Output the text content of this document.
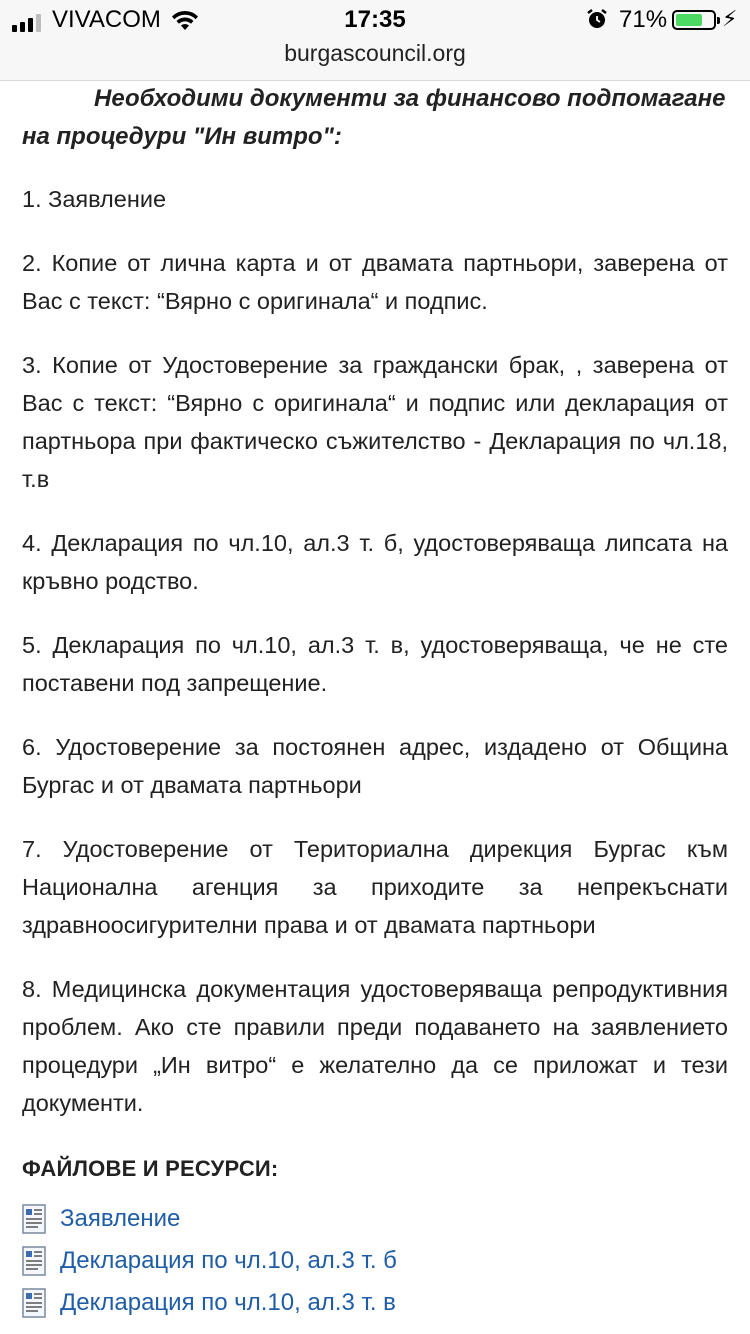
VIVACOM	17:35	71% ⚡︎
burgascouncil.org

Необходими документи за финансово подпомагане на процедури "Ин витро":

1. Заявление

2. Копие от лична карта и от двамата партньори, заверена от Вас с текст: “Вярно с оригинала“ и подпис.

3. Копие от Удостоверение за граждански брак, , заверена от Вас с текст: “Вярно с оригинала“ и подпис или декларация от партньора при фактическо съжителство - Декларация по чл.18, т.в

4. Декларация по чл.10, ал.3 т. б, удостоверяваща липсата на кръвно родство.

5. Декларация по чл.10, ал.3 т. в, удостоверяваща, че не сте поставени под запрещение.

6. Удостоверение за постоянен адрес, издадено от Община Бургас и от двамата партньори

7. Удостоверение от Териториална дирекция Бургас към Национална агенция за приходите за непрекъснати здравноосигурителни права и от двамата партньори

8. Медицинска документация удостоверяваща репродуктивния проблем. Ако сте правили преди подаването на заявлението процедури „Ин витро“ е желателно да се приложат и тези документи.

ФАЙЛОВЕ И РЕСУРСИ:

Заявление
Декларация по чл.10, ал.3 т. б
Декларация по чл.10, ал.3 т. в
